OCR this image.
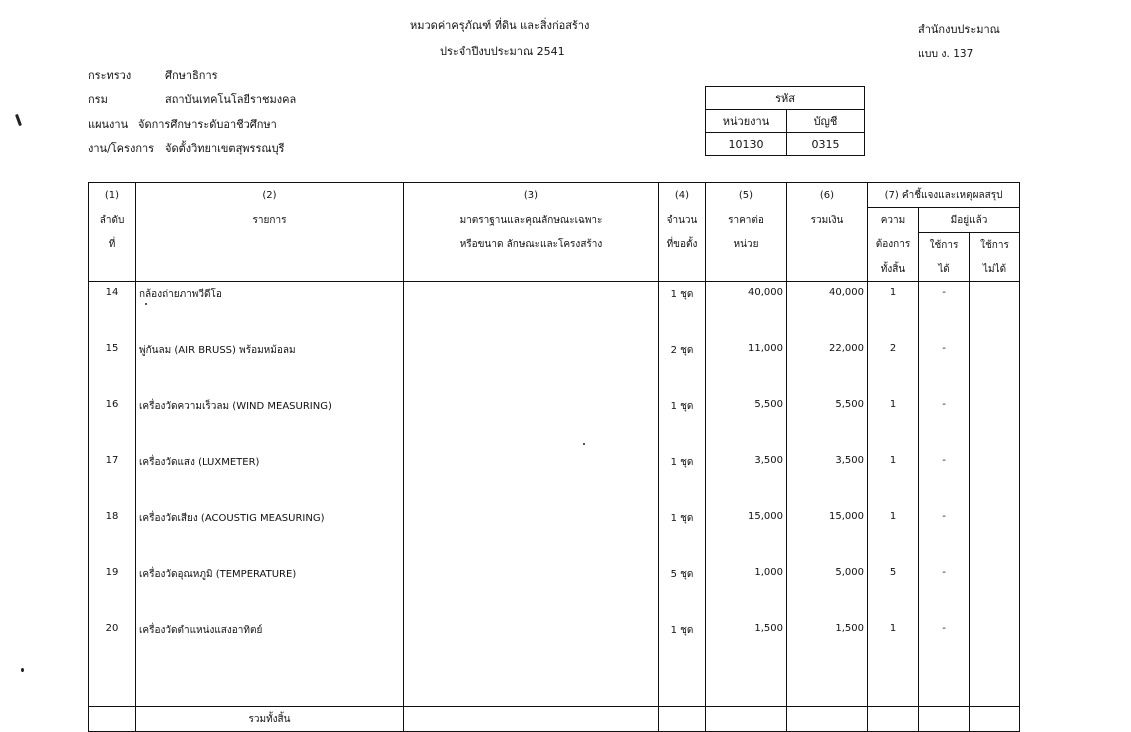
หมวดค่าครุภัณฑ์ ที่ดิน และสิ่งก่อสร้าง
ประจำปีงบประมาณ 2541
สำนักงบประมาณ
แบบ ง. 137
กระทรวง	ศึกษาธิการ
กรม	สถาบันเทคโนโลยีราชมงคล
แผนงาน จัดการศึกษาระดับอาชีวศึกษา
งาน/โครงการ จัดตั้งวิทยาเขตสุพรรณบุรี
รหัส	
หน่วยงาน	บัญชี
10130	0315
(1)	(2)	(3)	(4)	(5)	(6)	(7) คำชี้แจงและเหตุผลสรุป		
ลำดับ	รายการ	มาตราฐานและคุณลักษณะเฉพาะ	จำนวน	ราคาต่อ	รวมเงิน	ความ	มีอยู่แล้ว	
ที่		หรือขนาด ลักษณะและโครงสร้าง	ที่ขอตั้ง	หน่วย		ต้องการ	ใช้การ	ใช้การ
						ทั้งสิ้น	ได้	ไม่ได้
14	กล้องถ่ายภาพวีดีโอ		1 ชุด	40,000	40,000	1	-	
15	พู่กันลม (AIR BRUSS) พร้อมหม้อลม		2 ชุด	11,000	22,000	2	-	
16	เครื่องวัดความเร็วลม (WIND MEASURING)		1 ชุด	5,500	5,500	1	-	
17	เครื่องวัดแสง (LUXMETER)		1 ชุด	3,500	3,500	1	-	
18	เครื่องวัดเสียง (ACOUSTIG MEASURING)		1 ชุด	15,000	15,000	1	-	
19	เครื่องวัดอุณหภูมิ (TEMPERATURE)		5 ชุด	1,000	5,000	5	-	
20	เครื่องวัดตำแหน่งแสงอาทิตย์		1 ชุด	1,500	1,500	1	-	

	รวมทั้งสิ้น							
